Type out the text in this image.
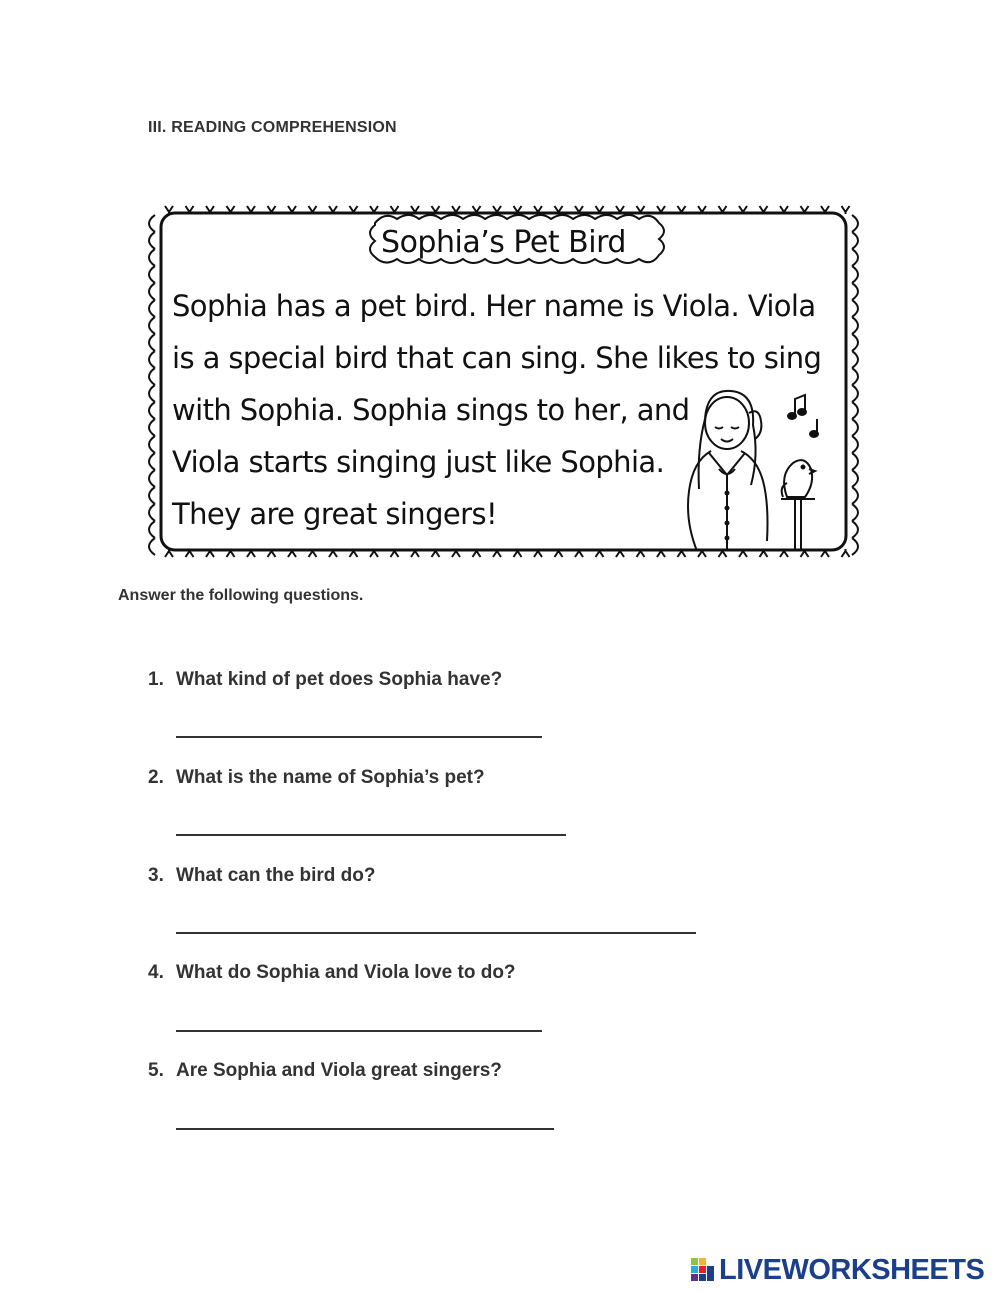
III. READING COMPREHENSION
Sophia’s Pet Bird
Sophia has a pet bird. Her name is Viola. Viola
is a special bird that can sing. She likes to sing
with Sophia. Sophia sings to her, and
Viola starts singing just like Sophia.
They are great singers!
Answer the following questions.
1. What kind of pet does Sophia have?
2. What is the name of Sophia’s pet?
3. What can the bird do?
4. What do Sophia and Viola love to do?
5. Are Sophia and Viola great singers?
LIVEWORKSHEETS
